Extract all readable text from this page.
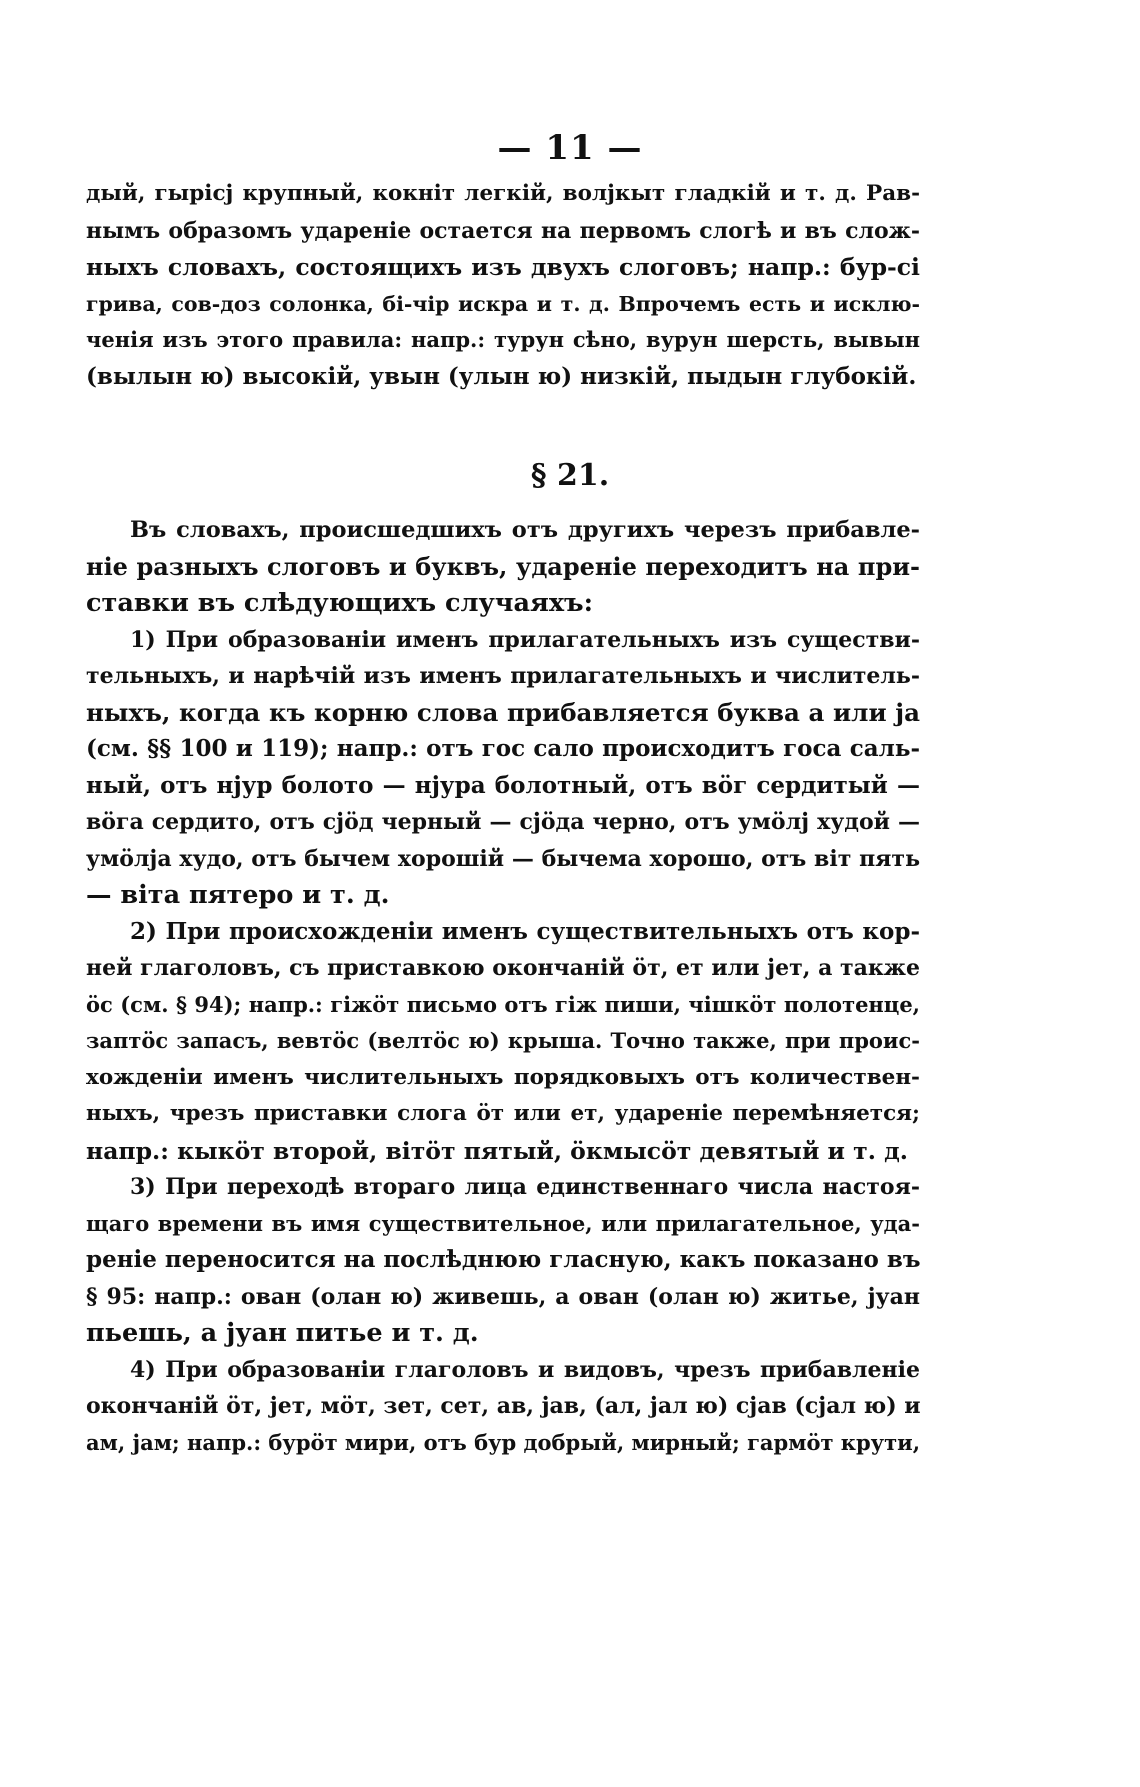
— 11 —
дый, гырісј крупный, кокніт легкій, волјкыт гладкій и т. д. Рав-
нымъ образомъ удареніе остается на первомъ слогѣ и въ слож-
ныхъ словахъ, состоящихъ изъ двухъ слоговъ; напр.: бур-сі
грива, сов-доз солонка, бі-чір искра и т. д. Впрочемъ есть и исклю-
ченія изъ этого правила: напр.: турун сѣно, вурун шерсть, вывын
(вылын ю) высокій, увын (улын ю) низкій, пыдын глубокій.
§ 21.
Въ словахъ, происшедшихъ отъ другихъ черезъ прибавле-
ніе разныхъ слоговъ и буквъ, удареніе переходитъ на при-
ставки въ слѣдующихъ случаяхъ:
1) При образованіи именъ прилагательныхъ изъ существи-
тельныхъ, и нарѣчій изъ именъ прилагательныхъ и числитель-
ныхъ, когда къ корню слова прибавляется буква а или ја
(см. §§ 100 и 119); напр.: отъ гос сало происходитъ госа саль-
ный, отъ нјур болото — нјура болотный, отъ вӧг сердитый —
вӧга сердито, отъ сјӧд черный — сјӧда черно, отъ умӧлј худой —
умӧлја худо, отъ бычем хорошій — бычема хорошо, отъ віт пять
— віта пятеро и т. д.
2) При происхожденіи именъ существительныхъ отъ кор-
ней глаголовъ, съ приставкою окончаній ӧт, ет или јет, а также
ӧс (см. § 94); напр.: гіжӧт письмо отъ гіж пиши, чішкӧт полотенце,
заптӧс запасъ, вевтӧс (велтӧс ю) крыша. Точно также, при проис-
хожденіи именъ числительныхъ порядковыхъ отъ количествен-
ныхъ, чрезъ приставки слога ӧт или ет, удареніе перемѣняется;
напр.: кыкӧт второй, вітӧт пятый, ӧкмысӧт девятый и т. д.
3) При переходѣ втораго лица единственнаго числа настоя-
щаго времени въ имя существительное, или прилагательное, уда-
реніе переносится на послѣднюю гласную, какъ показано въ
§ 95: напр.: ован (олан ю) живешь, а ован (олан ю) житье, јуан
пьешь, а јуан питье и т. д.
4) При образованіи глаголовъ и видовъ, чрезъ прибавленіе
окончаній ӧт, јет, мӧт, зет, сет, ав, јав, (ал, јал ю) сјав (сјал ю) и
ам, јам; напр.: бурӧт мири, отъ бур добрый, мирный; гармӧт крути,
